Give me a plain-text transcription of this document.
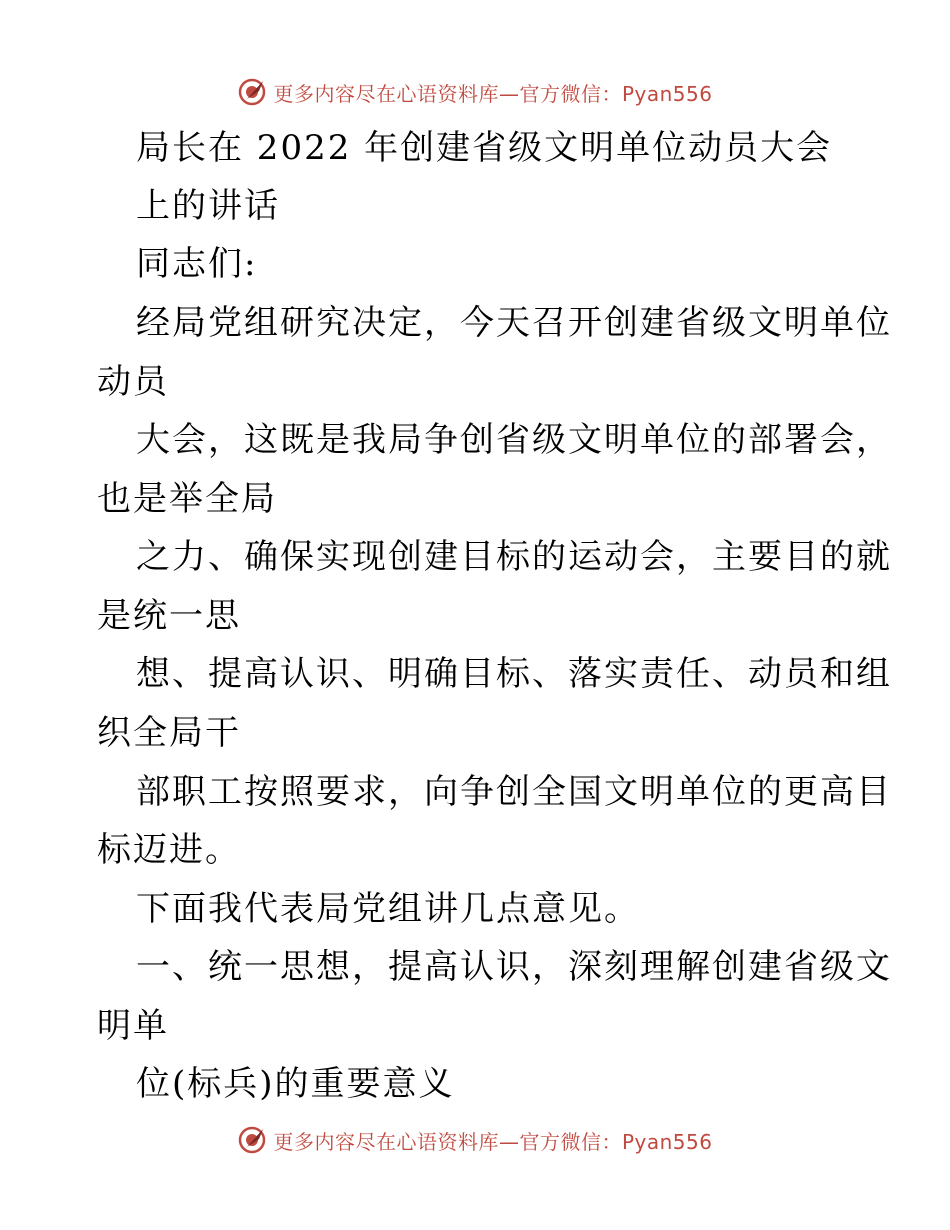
更多内容尽在心语资料库—官方微信：Pyan556
局长在 2022 年创建省级文明单位动员大会
上的讲话
同志们:
经局党组研究决定，今天召开创建省级文明单位
动员
大会，这既是我局争创省级文明单位的部署会，
也是举全局
之力、确保实现创建目标的运动会，主要目的就
是统一思
想、提高认识、明确目标、落实责任、动员和组
织全局干
部职工按照要求，向争创全国文明单位的更高目
标迈进。
下面我代表局党组讲几点意见。
一、统一思想，提高认识，深刻理解创建省级文
明单
位(标兵)的重要意义
更多内容尽在心语资料库—官方微信：Pyan556
